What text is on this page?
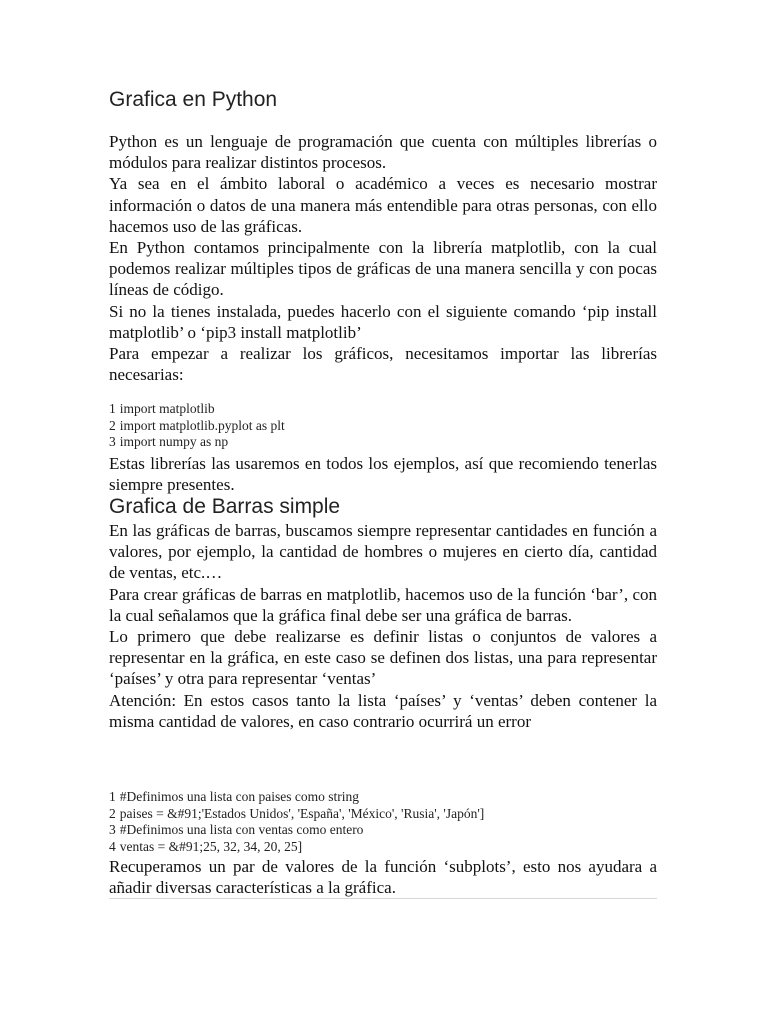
Grafica en Python

Python es un lenguaje de programación que cuenta con múltiples librerías o módulos para realizar distintos procesos.

Ya sea en el ámbito laboral o académico a veces es necesario mostrar información o datos de una manera más entendible para otras personas, con ello hacemos uso de las gráficas.

En Python contamos principalmente con la librería matplotlib, con la cual podemos realizar múltiples tipos de gráficas de una manera sencilla y con pocas líneas de código.

Si no la tienes instalada, puedes hacerlo con el siguiente comando ‘pip install matplotlib’ o ‘pip3 install matplotlib’

Para empezar a realizar los gráficos, necesitamos importar las librerías necesarias:

1 import matplotlib
2 import matplotlib.pyplot as plt
3 import numpy as np

Estas librerías las usaremos en todos los ejemplos, así que recomiendo tenerlas siempre presentes.

Grafica de Barras simple

En las gráficas de barras, buscamos siempre representar cantidades en función a valores, por ejemplo, la cantidad de hombres o mujeres en cierto día, cantidad de ventas, etc.…

Para crear gráficas de barras en matplotlib, hacemos uso de la función ‘bar’, con la cual señalamos que la gráfica final debe ser una gráfica de barras.

Lo primero que debe realizarse es definir listas o conjuntos de valores a representar en la gráfica, en este caso se definen dos listas, una para representar ‘países’ y otra para representar ‘ventas’

Atención: En estos casos tanto la lista ‘países’ y ‘ventas’ deben contener la misma cantidad de valores, en caso contrario ocurrirá un error

1 #Definimos una lista con paises como string
2 paises = &#91;'Estados Unidos', 'España', 'México', 'Rusia', 'Japón']
3 #Definimos una lista con ventas como entero
4 ventas = &#91;25, 32, 34, 20, 25]

Recuperamos un par de valores de la función ‘subplots’, esto nos ayudara a añadir diversas características a la gráfica.
